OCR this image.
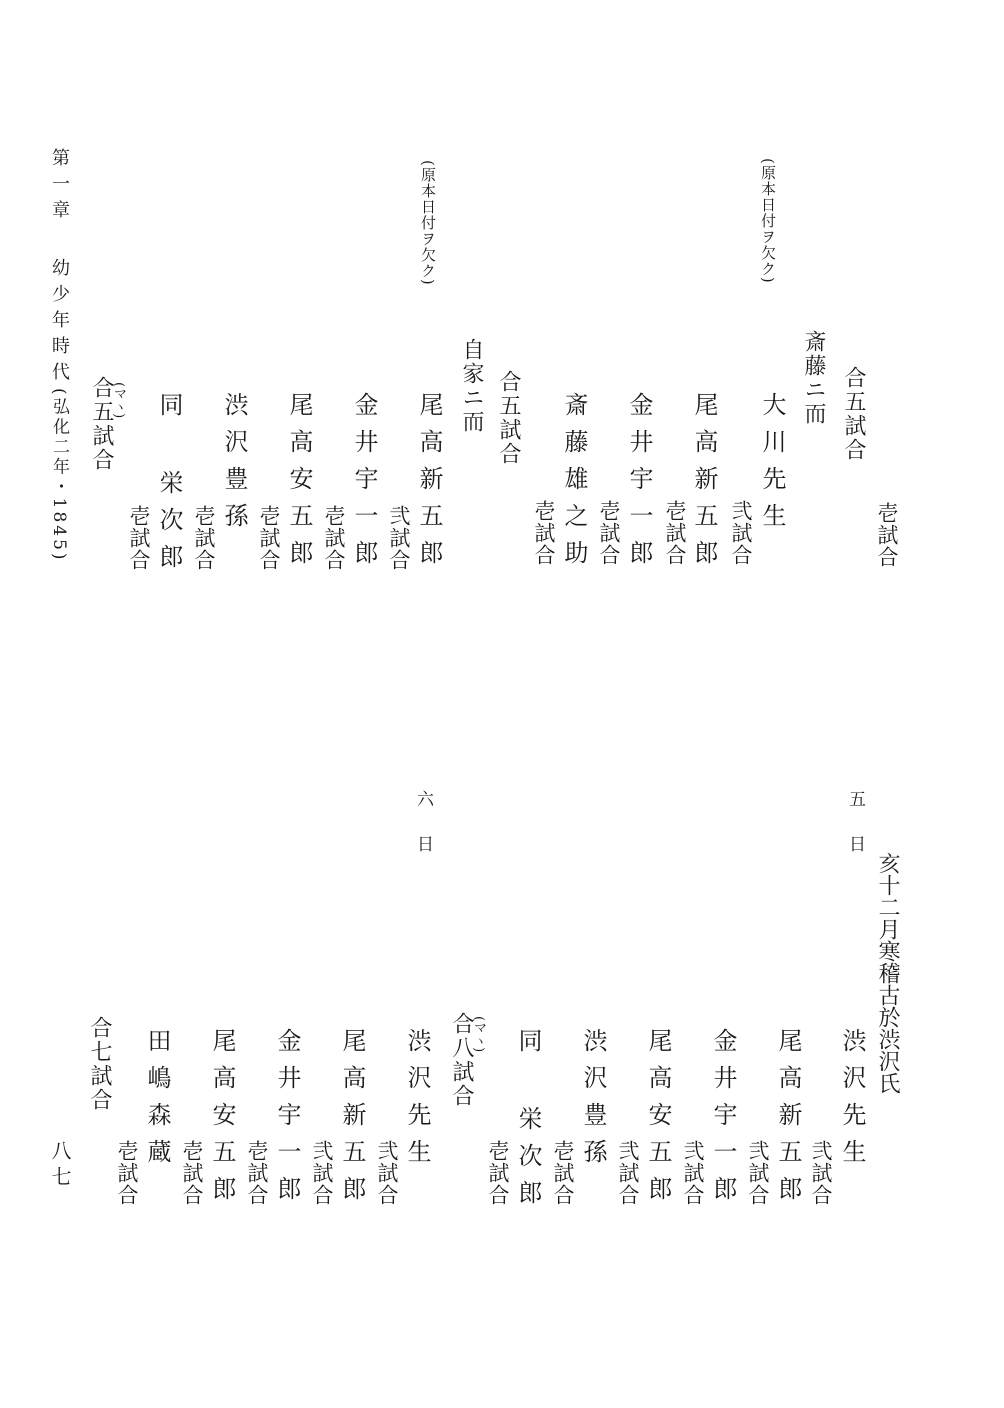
第一章
幼少年時代
(弘化二年・1845)
八七
壱試合
合五試合
(原本日付ヲ欠ク)
斎藤ニ而
大川先生
弐試合
尾高新五郎
壱試合
金井宇一郎
壱試合
斎藤雄之助
壱試合
合五試合
(原本日付ヲ欠ク)
自家ニ而
尾高新五郎
弐試合
金井宇一郎
壱試合
尾高安五郎
壱試合
渋沢豊孫
壱試合
同 栄次郎
壱試合
(マヽ)
合五試合
五日
亥十二月寒稽古於渋沢氏
渋沢先生
弐試合
尾高新五郎
弐試合
金井宇一郎
弐試合
尾高安五郎
弐試合
渋沢豊孫
壱試合
同 栄次郎
壱試合
(マヽ)
合八試合
六日
渋沢先生
弐試合
尾高新五郎
弐試合
金井宇一郎
壱試合
尾高安五郎
壱試合
田嶋森蔵
壱試合
合七試合
